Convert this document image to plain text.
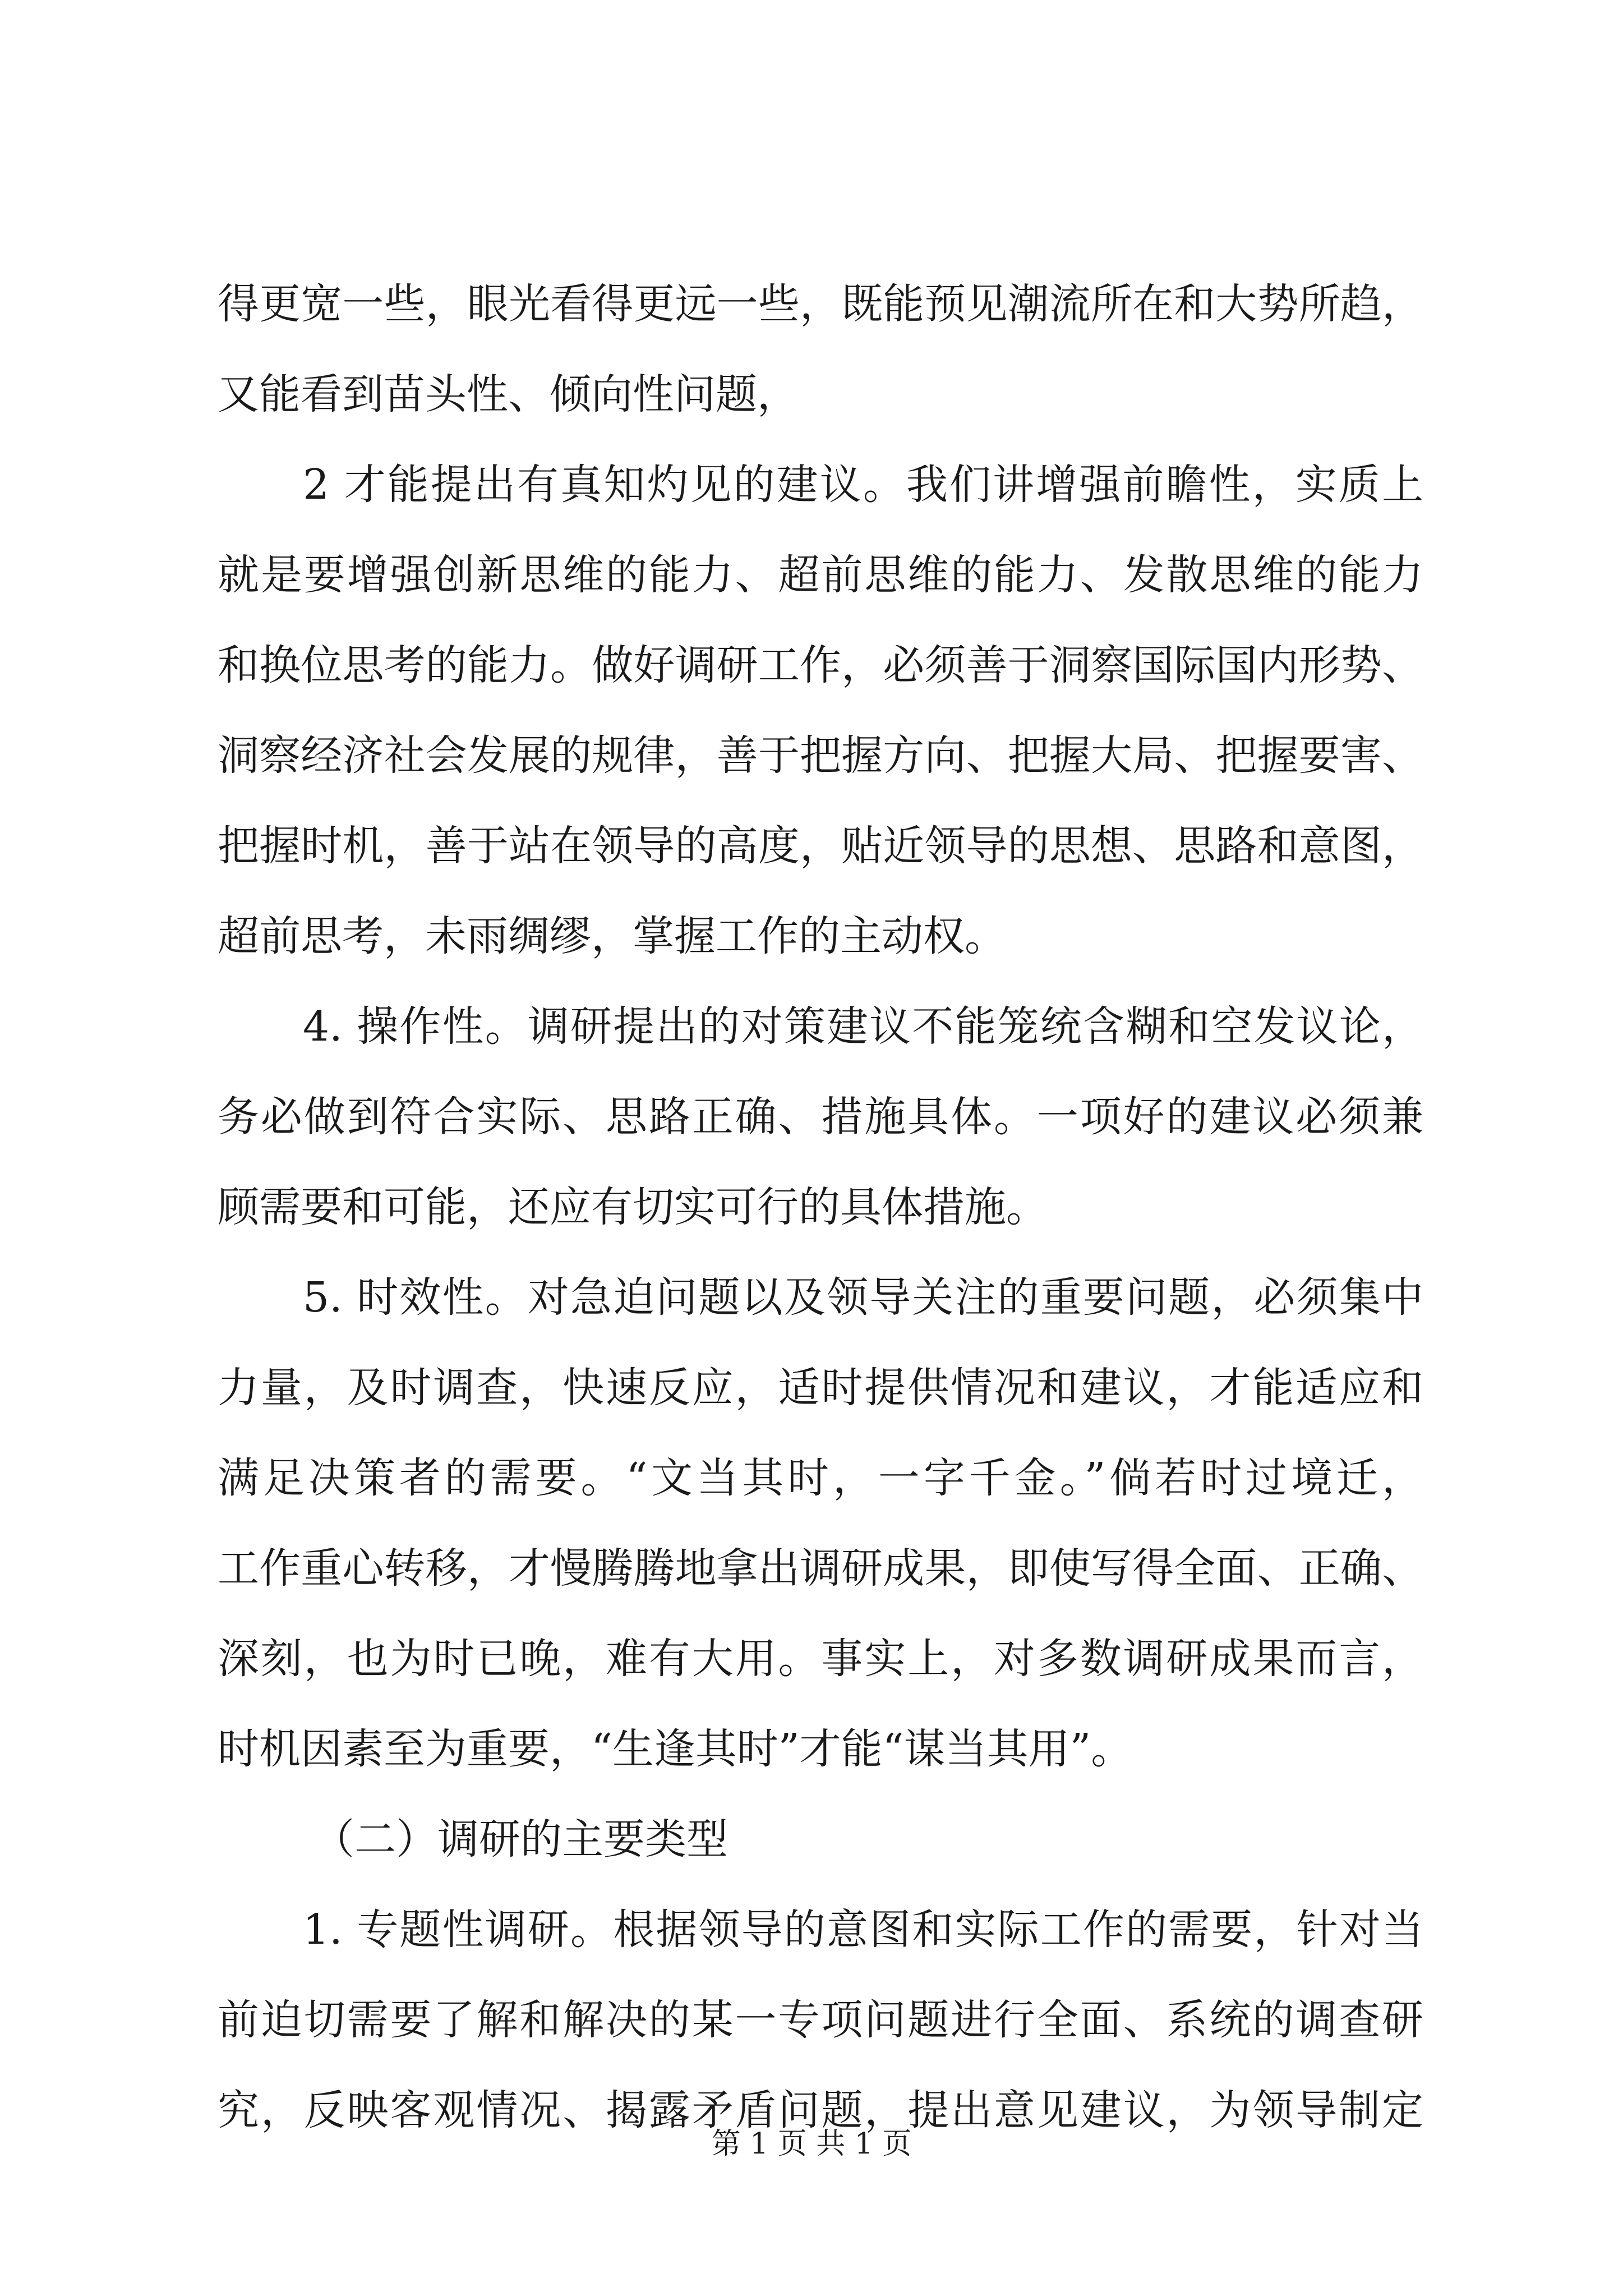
得更宽一些，眼光看得更远一些，既能预见潮流所在和大势所趋，
又能看到苗头性、倾向性问题，
2 才能提出有真知灼见的建议。我们讲增强前瞻性，实质上
就是要增强创新思维的能力、超前思维的能力、发散思维的能力
和换位思考的能力。做好调研工作，必须善于洞察国际国内形势、
洞察经济社会发展的规律，善于把握方向、把握大局、把握要害、
把握时机，善于站在领导的高度，贴近领导的思想、思路和意图，
超前思考，未雨绸缪，掌握工作的主动权。
4. 操作性。调研提出的对策建议不能笼统含糊和空发议论，
务必做到符合实际、思路正确、措施具体。一项好的建议必须兼
顾需要和可能，还应有切实可行的具体措施。
5. 时效性。对急迫问题以及领导关注的重要问题，必须集中
力量，及时调查，快速反应，适时提供情况和建议，才能适应和
满足决策者的需要。“文当其时，一字千金。”倘若时过境迁，
工作重心转移，才慢腾腾地拿出调研成果，即使写得全面、正确、
深刻，也为时已晚，难有大用。事实上，对多数调研成果而言，
时机因素至为重要，“生逢其时”才能“谋当其用”。
（二）调研的主要类型
1. 专题性调研。根据领导的意图和实际工作的需要，针对当
前迫切需要了解和解决的某一专项问题进行全面、系统的调查研
究，反映客观情况、揭露矛盾问题，提出意见建议，为领导制定
第 1 页 共 1 页
